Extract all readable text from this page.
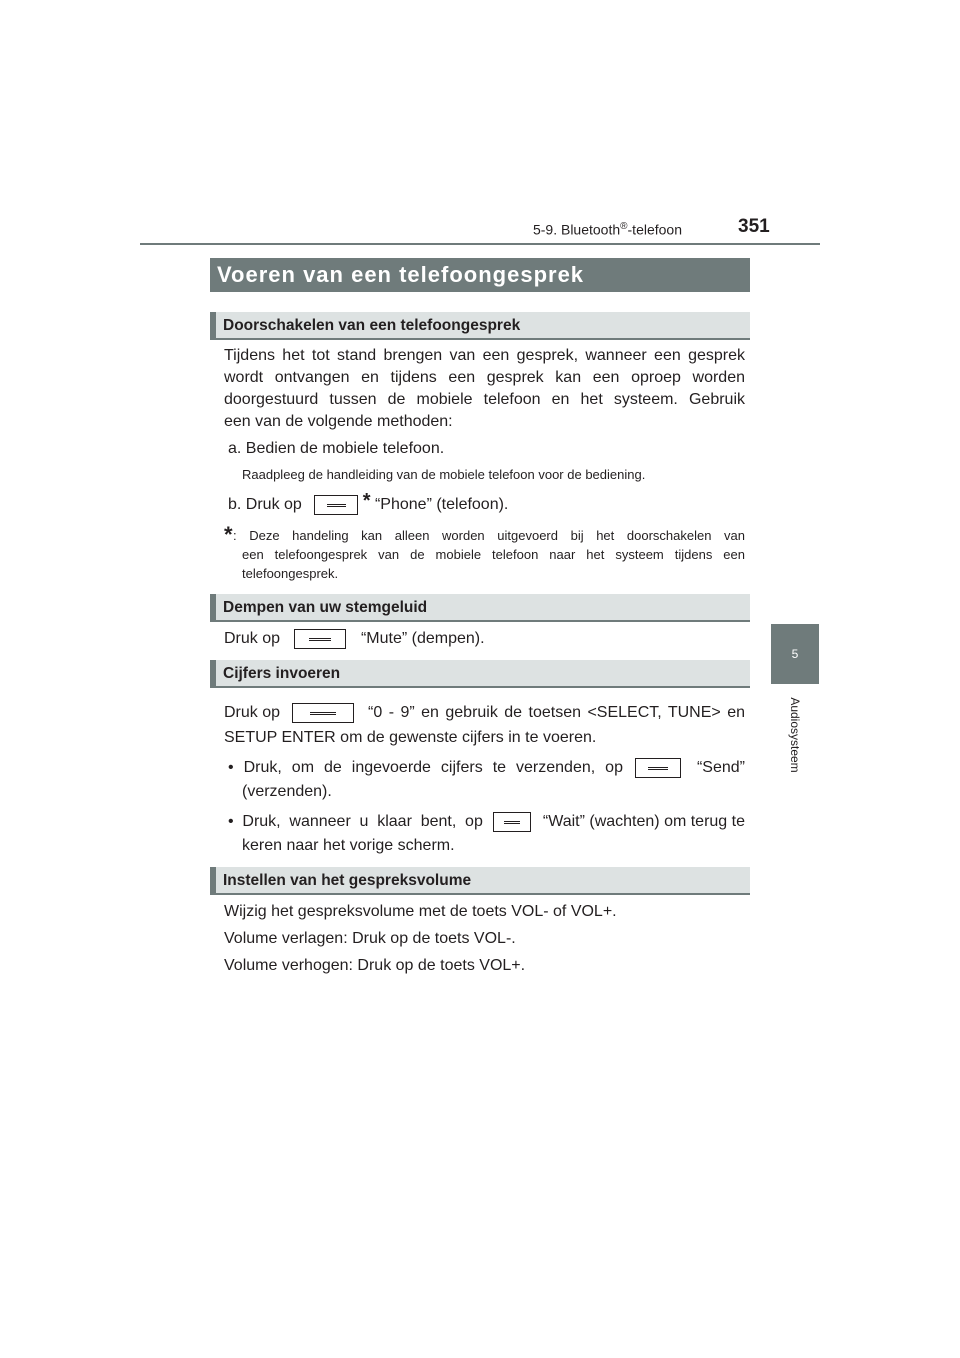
5-9. Bluetooth®-telefoon	351
5
Audiosysteem
Voeren van een telefoongesprek
Doorschakelen van een telefoongesprek
Tijdens het tot stand brengen van een gesprek, wanneer een gesprek
wordt ontvangen en tijdens een gesprek kan een oproep worden
doorgestuurd tussen de mobiele telefoon en het systeem. Gebruik
een van de volgende methoden:
a. Bedien de mobiele telefoon.
Raadpleeg de handleiding van de mobiele telefoon voor de bediening.
b. Druk op	* “Phone” (telefoon).
* : Deze handeling kan alleen worden uitgevoerd bij het doorschakelen van
een telefoongesprek van de mobiele telefoon naar het systeem tijdens een
telefoongesprek.
Dempen van uw stemgeluid
Druk op	“Mute” (dempen).
Cijfers invoeren
Druk op	“0 - 9” en gebruik de toetsen <SELECT, TUNE> en
SETUP ENTER om de gewenste cijfers in te voeren.
• Druk, om de ingevoerde cijfers te verzenden, op	“Send”
(verzenden).
• Druk, wanneer u klaar bent, op	“Wait” (wachten) om terug te
keren naar het vorige scherm.
Instellen van het gespreksvolume
Wijzig het gespreksvolume met de toets VOL- of VOL+.
Volume verlagen: Druk op de toets VOL-.
Volume verhogen: Druk op de toets VOL+.
